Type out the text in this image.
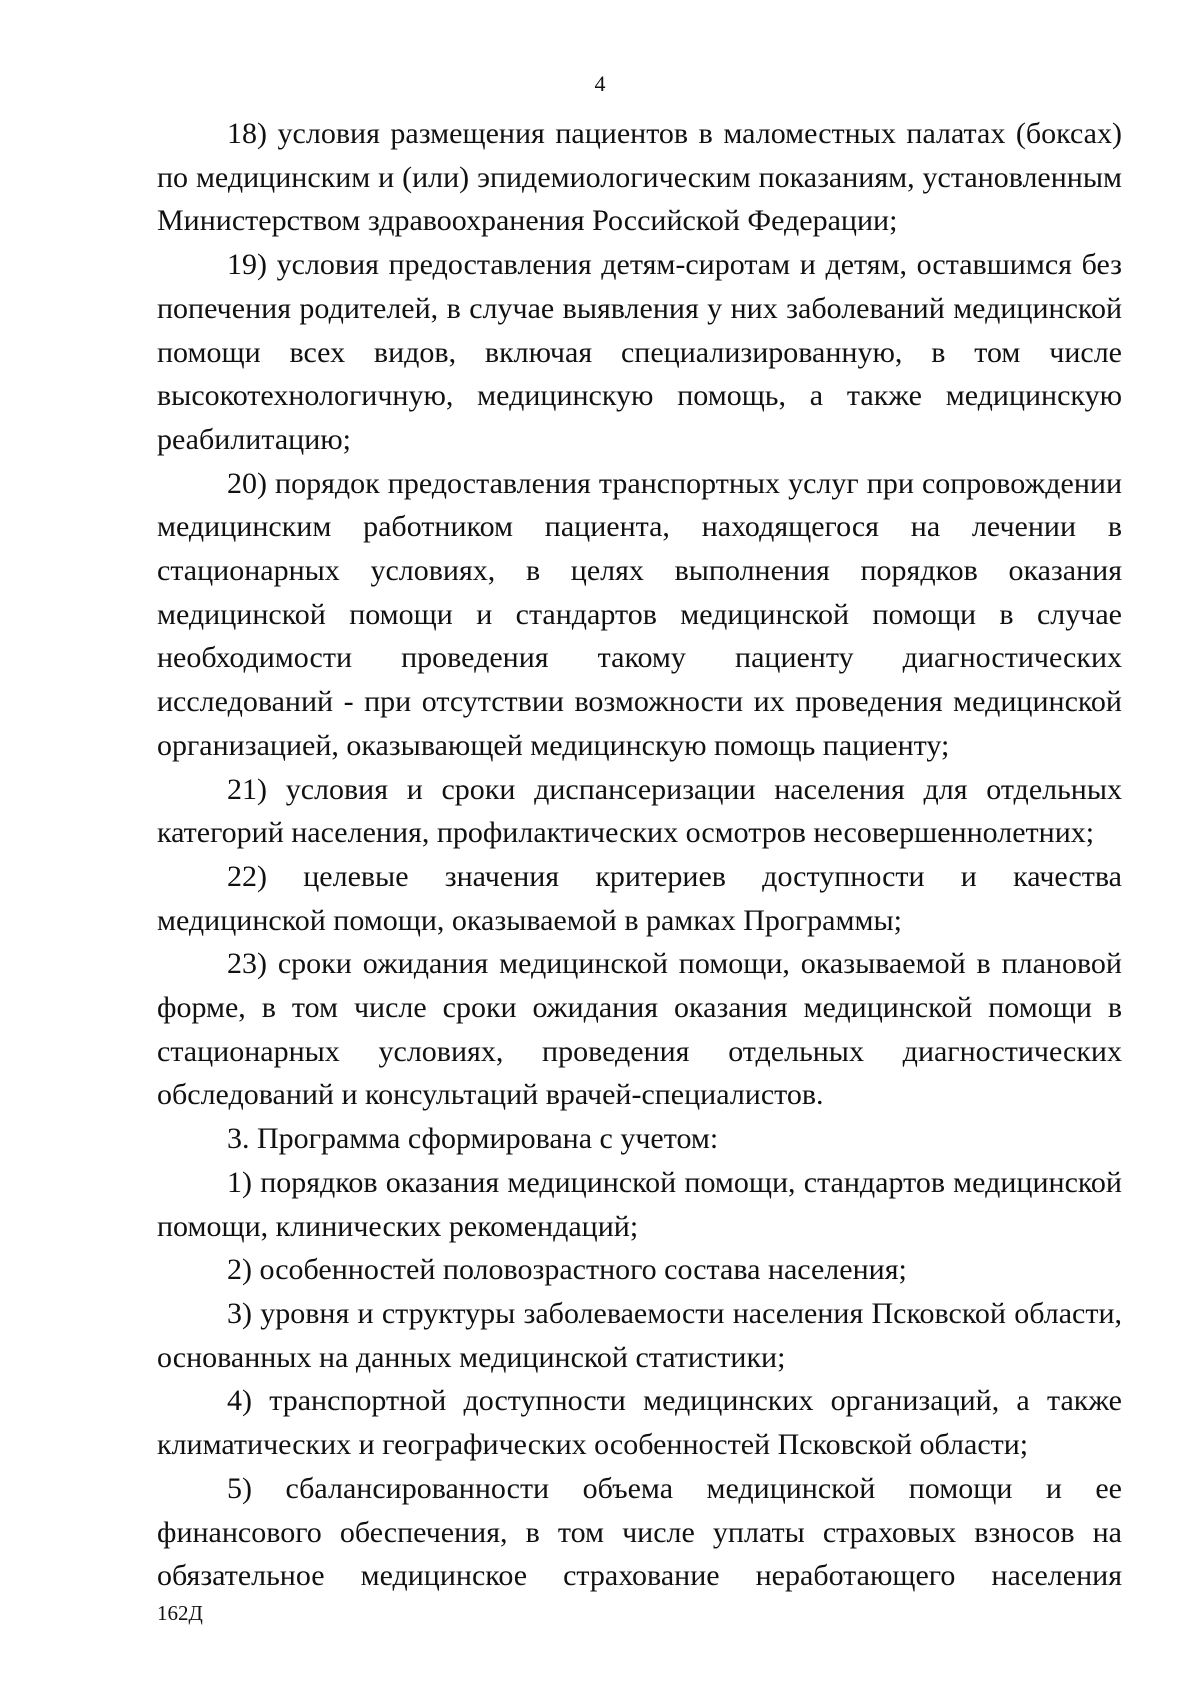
4

18) условия размещения пациентов в маломестных палатах (боксах) по медицинским и (или) эпидемиологическим показаниям, установленным Министерством здравоохранения Российской Федерации;

19) условия предоставления детям-сиротам и детям, оставшимся без попечения родителей, в случае выявления у них заболеваний медицинской помощи всех видов, включая специализированную, в том числе высокотехнологичную, медицинскую помощь, а также медицинскую реабилитацию;

20) порядок предоставления транспортных услуг при сопровождении медицинским работником пациента, находящегося на лечении в стационарных условиях, в целях выполнения порядков оказания медицинской помощи и стандартов медицинской помощи в случае необходимости проведения такому пациенту диагностических исследований - при отсутствии возможности их проведения медицинской организацией, оказывающей медицинскую помощь пациенту;

21) условия и сроки диспансеризации населения для отдельных категорий населения, профилактических осмотров несовершеннолетних;

22) целевые значения критериев доступности и качества медицинской помощи, оказываемой в рамках Программы;

23) сроки ожидания медицинской помощи, оказываемой в плановой форме, в том числе сроки ожидания оказания медицинской помощи в стационарных условиях, проведения отдельных диагностических обследований и консультаций врачей-специалистов.

3. Программа сформирована с учетом:

1) порядков оказания медицинской помощи, стандартов медицинской помощи, клинических рекомендаций;

2) особенностей половозрастного состава населения;

3) уровня и структуры заболеваемости населения Псковской области, основанных на данных медицинской статистики;

4) транспортной доступности медицинских организаций, а также климатических и географических особенностей Псковской области;

5) сбалансированности объема медицинской помощи и ее финансового обеспечения, в том числе уплаты страховых взносов на обязательное медицинское страхование неработающего населения

162Д
